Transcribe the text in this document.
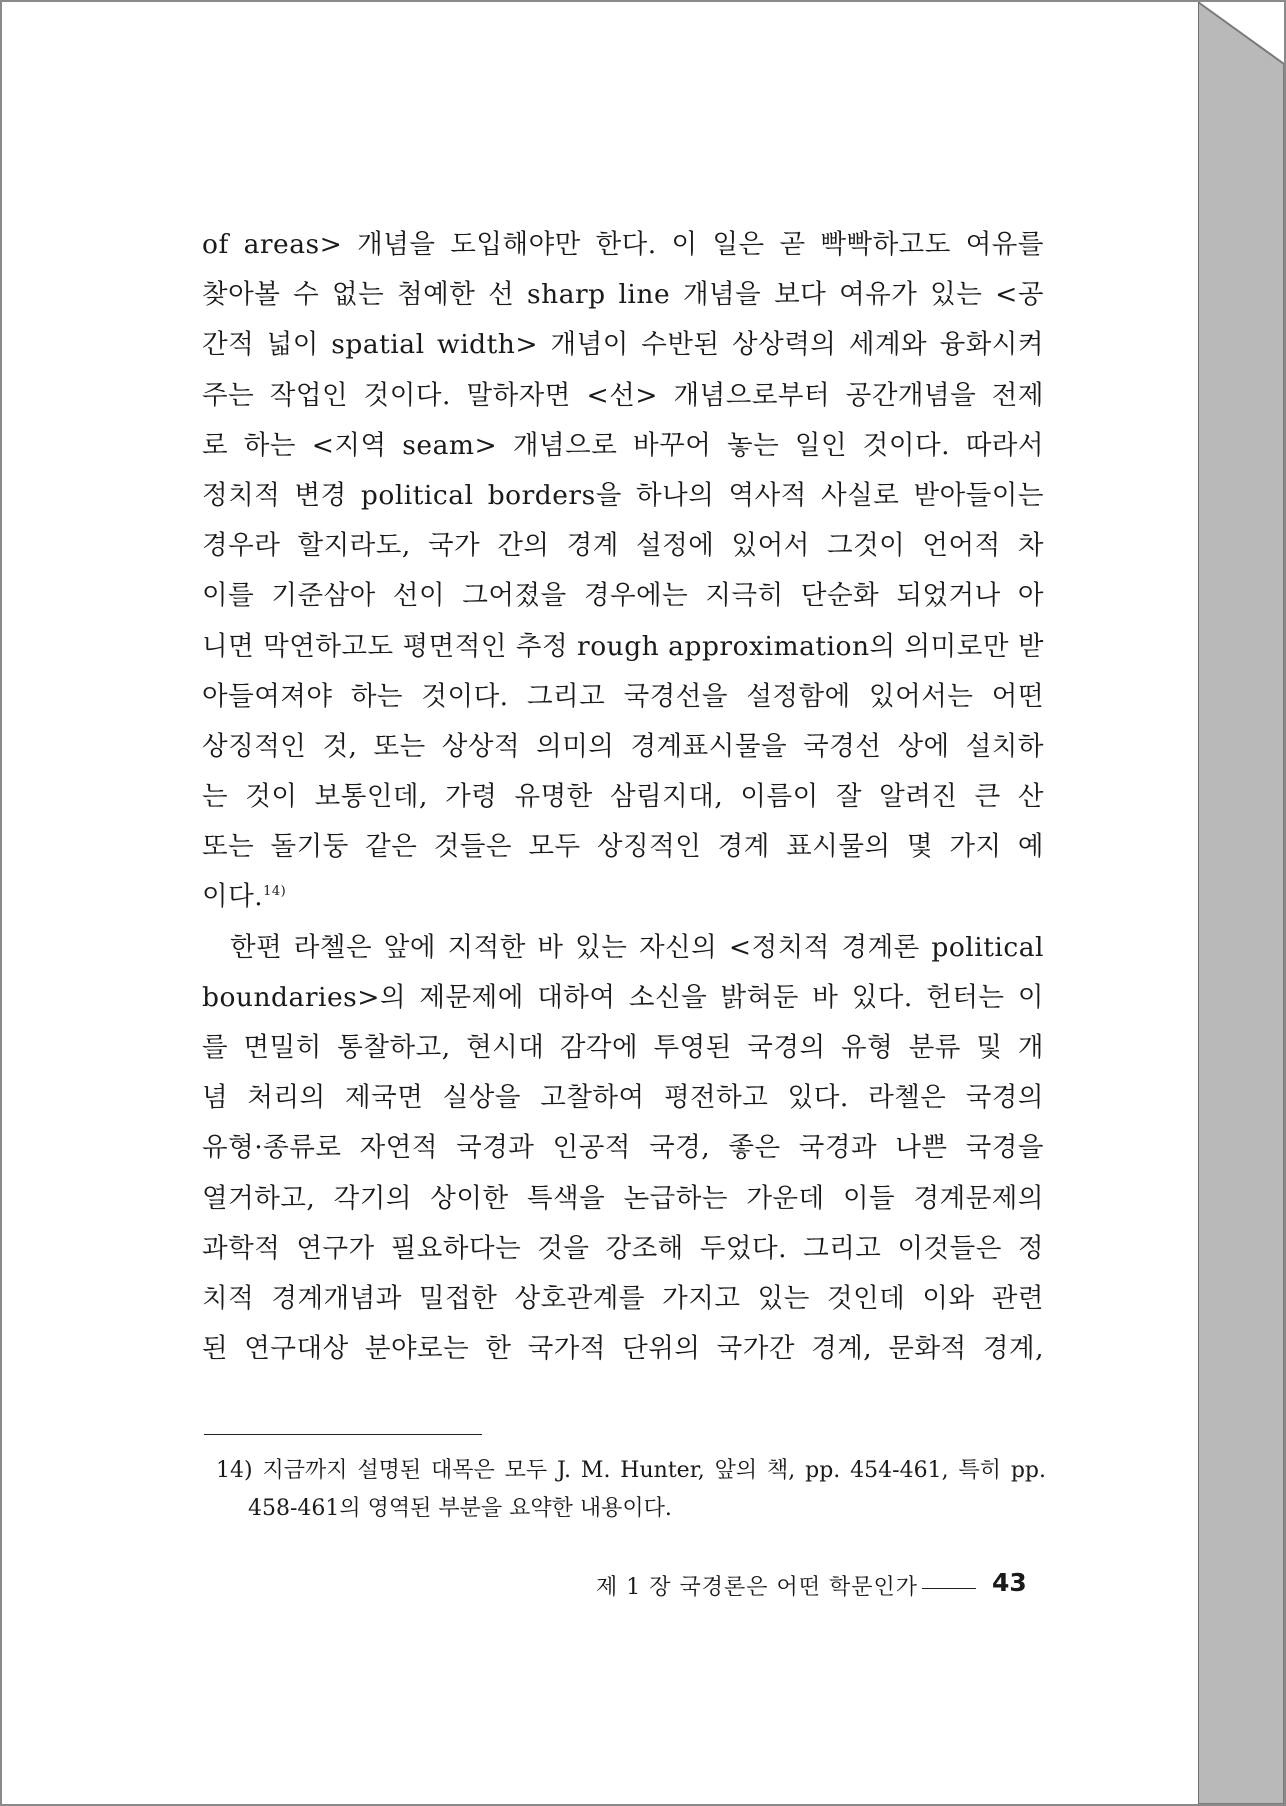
of areas> 개념을 도입해야만 한다. 이 일은 곧 빡빡하고도 여유를
찾아볼 수 없는 첨예한 선 sharp line 개념을 보다 여유가 있는 <공
간적 넓이 spatial width> 개념이 수반된 상상력의 세계와 융화시켜
주는 작업인 것이다. 말하자면 <선> 개념으로부터 공간개념을 전제
로 하는 <지역 seam> 개념으로 바꾸어 놓는 일인 것이다. 따라서
정치적 변경 political borders을 하나의 역사적 사실로 받아들이는
경우라 할지라도, 국가 간의 경계 설정에 있어서 그것이 언어적 차
이를 기준삼아 선이 그어졌을 경우에는 지극히 단순화 되었거나 아
니면 막연하고도 평면적인 추정 rough approximation의 의미로만 받
아들여져야 하는 것이다. 그리고 국경선을 설정함에 있어서는 어떤
상징적인 것, 또는 상상적 의미의 경계표시물을 국경선 상에 설치하
는 것이 보통인데, 가령 유명한 삼림지대, 이름이 잘 알려진 큰 산
또는 돌기둥 같은 것들은 모두 상징적인 경계 표시물의 몇 가지 예
이다.$^{14)}$
한편 라첼은 앞에 지적한 바 있는 자신의 <정치적 경계론 political
boundaries>의 제문제에 대하여 소신을 밝혀둔 바 있다. 헌터는 이
를 면밀히 통찰하고, 현시대 감각에 투영된 국경의 유형 분류 및 개
념 처리의 제국면 실상을 고찰하여 평전하고 있다. 라첼은 국경의
유형·종류로 자연적 국경과 인공적 국경, 좋은 국경과 나쁜 국경을
열거하고, 각기의 상이한 특색을 논급하는 가운데 이들 경계문제의
과학적 연구가 필요하다는 것을 강조해 두었다. 그리고 이것들은 정
치적 경계개념과 밀접한 상호관계를 가지고 있는 것인데 이와 관련
된 연구대상 분야로는 한 국가적 단위의 국가간 경계, 문화적 경계,
14) 지금까지 설명된 대목은 모두 J. M. Hunter, 앞의 책, pp. 454-461, 특히 pp.
458-461의 영역된 부분을 요약한 내용이다.
제 1 장 국경론은 어떤 학문인가	43
